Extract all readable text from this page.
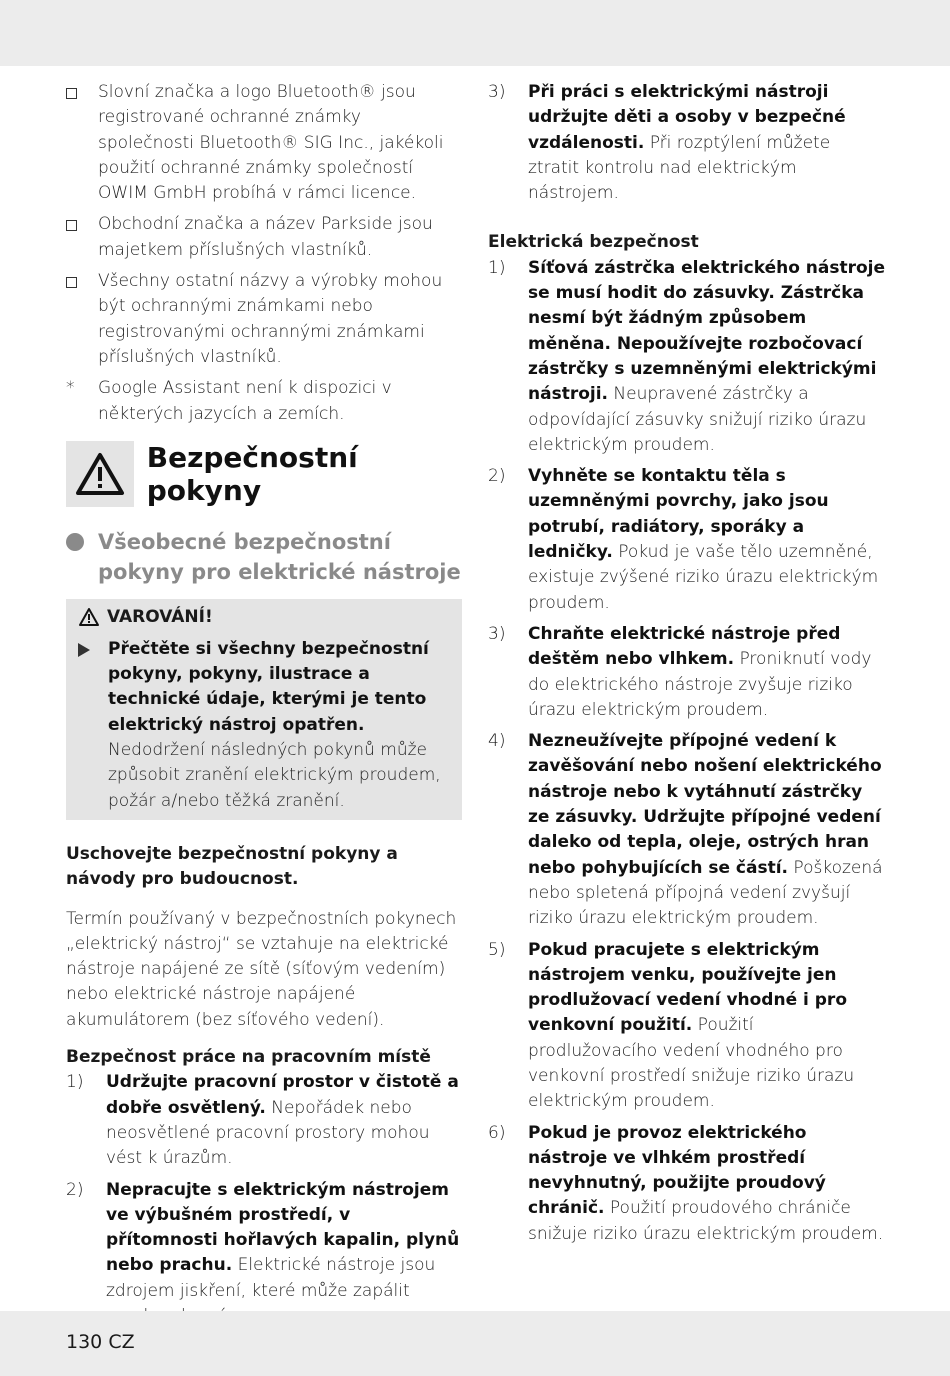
Slovní značka a logo Bluetooth® jsou registrované ochranné známky společnosti Bluetooth® SIG Inc., jakékoli použití ochranné známky společností OWIM GmbH probíhá v rámci licence.
Obchodní značka a název Parkside jsou majetkem příslušných vlastníků.
Všechny ostatní názvy a výrobky mohou být ochrannými známkami nebo registrovanými ochrannými známkami příslušných vlastníků.
* Google Assistant není k dispozici v některých jazycích a zemích.
Bezpečnostní pokyny
Všeobecné bezpečnostní pokyny pro elektrické nástroje
VAROVÁNÍ!
Přečtěte si všechny bezpečnostní pokyny, pokyny, ilustrace a technické údaje, kterými je tento elektrický nástroj opatřen. Nedodržení následných pokynů může způsobit zranění elektrickým proudem, požár a/nebo těžká zranění.
Uschovejte bezpečnostní pokyny a návody pro budoucnost.
Termín používaný v bezpečnostních pokynech „elektrický nástroj“ se vztahuje na elektrické nástroje napájené ze sítě (síťovým vedením) nebo elektrické nástroje napájené akumulátorem (bez síťového vedení).
Bezpečnost práce na pracovním místě
1) Udržujte pracovní prostor v čistotě a dobře osvětlený. Nepořádek nebo neosvětlené pracovní prostory mohou vést k úrazům.
2) Nepracujte s elektrickým nástrojem ve výbušném prostředí, v přítomnosti hořlavých kapalin, plynů nebo prachu. Elektrické nástroje jsou zdrojem jiskření, které může zapálit
3) Při práci s elektrickými nástroji udržujte děti a osoby v bezpečné vzdálenosti. Při rozptýlení můžete ztratit kontrolu nad elektrickým nástrojem.
Elektrická bezpečnost
1) Síťová zástrčka elektrického nástroje se musí hodit do zásuvky. Zástrčka nesmí být žádným způsobem měněna. Nepoužívejte rozbočovací zástrčky s uzemněnými elektrickými nástroji. Neupravené zástrčky a odpovídající zásuvky snižují riziko úrazu elektrickým proudem.
2) Vyhněte se kontaktu těla s uzemněnými povrchy, jako jsou potrubí, radiátory, sporáky a ledničky. Pokud je vaše tělo uzemněné, existuje zvýšené riziko úrazu elektrickým proudem.
3) Chraňte elektrické nástroje před deštěm nebo vlhkem. Proniknutí vody do elektrického nástroje zvyšuje riziko úrazu elektrickým proudem.
4) Nezneužívejte přípojné vedení k zavěšování nebo nošení elektrického nástroje nebo k vytáhnutí zástrčky ze zásuvky. Udržujte přípojné vedení daleko od tepla, oleje, ostrých hran nebo pohybujících se částí. Poškozená nebo spletená přípojná vedení zvyšují riziko úrazu elektrickým proudem.
5) Pokud pracujete s elektrickým nástrojem venku, používejte jen prodlužovací vedení vhodné i pro venkovní použití. Použití prodlužovacího vedení vhodného pro venkovní prostředí snižuje riziko úrazu elektrickým proudem.
6) Pokud je provoz elektrického nástroje ve vlhkém prostředí nevyhnutný, použijte proudový chránič. Použití proudového chrániče snižuje riziko úrazu elektrickým proudem.
130 CZ
